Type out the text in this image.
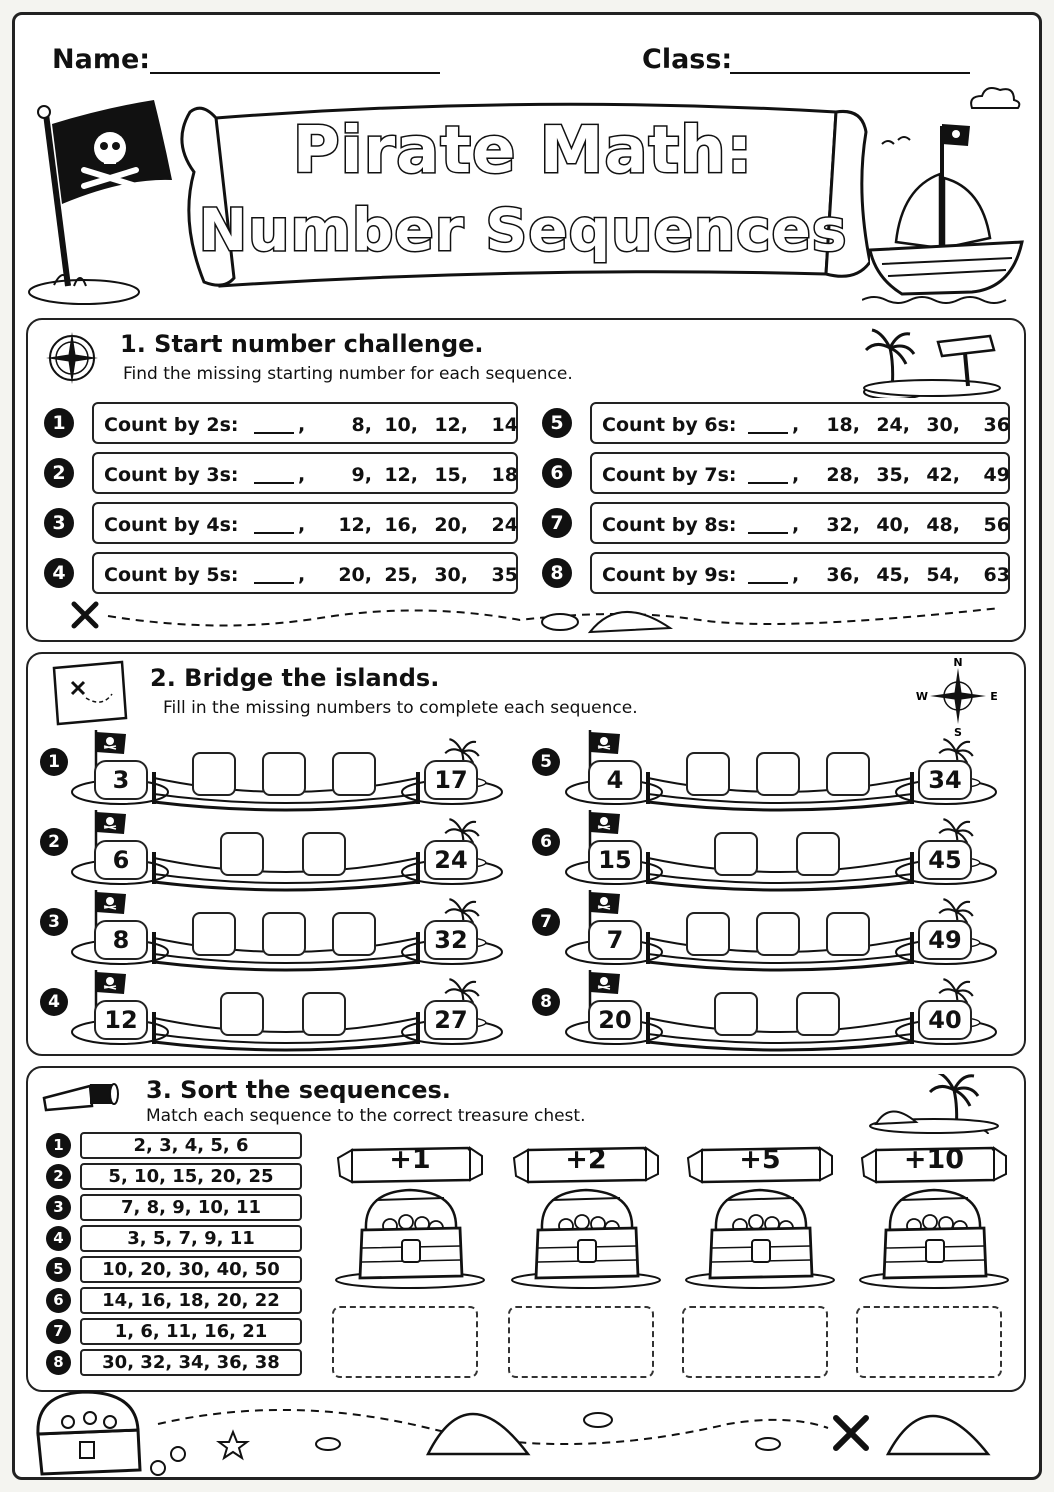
Name:	Class:
Pirate Math:
Number Sequences
1. Start number challenge.
Find the missing starting number for each sequence.
1	Count by 2s:	,	8, 10, 12,	14
2	Count by 3s:	,	9, 12, 15,	18
3	Count by 4s:	,	12, 16, 20,	24
4	Count by 5s:	,	20, 25, 30,	35
5	Count by 6s:	,	18, 24, 30,	36
6	Count by 7s:	,	28, 35, 42,	49
7	Count by 8s:	,	32, 40, 48,	56
8	Count by 9s:	,	36, 45, 54,	63
2. Bridge the islands.
Fill in the missing numbers to complete each sequence.
N
S
E
W
1
3	17
2
6	24
3
8	32
4
12	27
5
4	34
6
15	45
7
7	49
8
20	40
3. Sort the sequences.
Match each sequence to the correct treasure chest.
1	2, 3, 4, 5, 6
2	5, 10, 15, 20, 25
3	7, 8, 9, 10, 11
4	3, 5, 7, 9, 11
5	10, 20, 30, 40, 50
6	14, 16, 18, 20, 22
7	1, 6, 11, 16, 21
8	30, 32, 34, 36, 38
+1	+2	+5	+10
